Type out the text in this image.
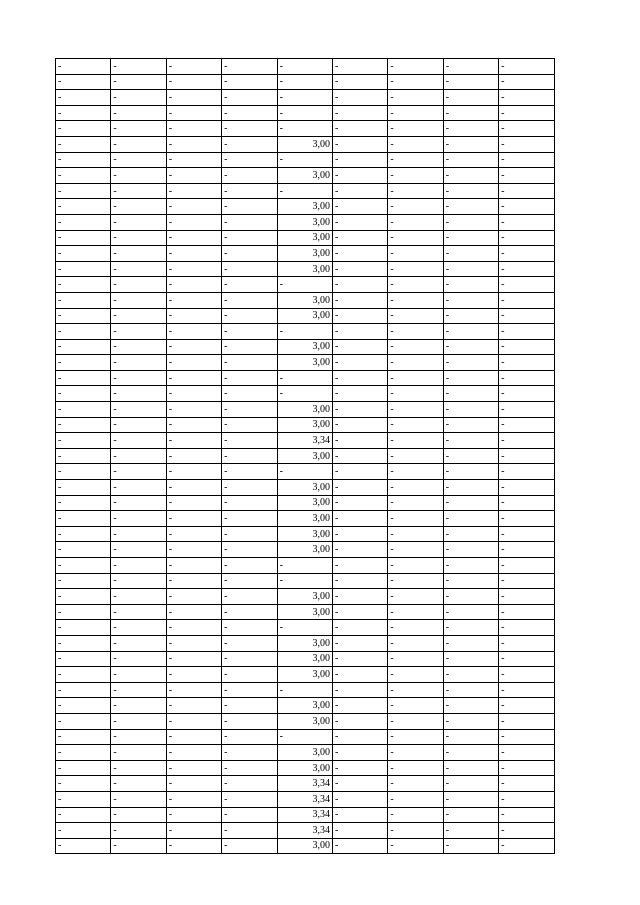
-	-	-	-	-	-	-	-	-
-	-	-	-	-	-	-	-	-
-	-	-	-	-	-	-	-	-
-	-	-	-	-	-	-	-	-
-	-	-	-	-	-	-	-	-
-	-	-	-	3,00	-	-	-	-
-	-	-	-	-	-	-	-	-
-	-	-	-	3,00	-	-	-	-
-	-	-	-	-	-	-	-	-
-	-	-	-	3,00	-	-	-	-
-	-	-	-	3,00	-	-	-	-
-	-	-	-	3,00	-	-	-	-
-	-	-	-	3,00	-	-	-	-
-	-	-	-	3,00	-	-	-	-
-	-	-	-	-	-	-	-	-
-	-	-	-	3,00	-	-	-	-
-	-	-	-	3,00	-	-	-	-
-	-	-	-	-	-	-	-	-
-	-	-	-	3,00	-	-	-	-
-	-	-	-	3,00	-	-	-	-
-	-	-	-	-	-	-	-	-
-	-	-	-	-	-	-	-	-
-	-	-	-	3,00	-	-	-	-
-	-	-	-	3,00	-	-	-	-
-	-	-	-	3,34	-	-	-	-
-	-	-	-	3,00	-	-	-	-
-	-	-	-	-	-	-	-	-
-	-	-	-	3,00	-	-	-	-
-	-	-	-	3,00	-	-	-	-
-	-	-	-	3,00	-	-	-	-
-	-	-	-	3,00	-	-	-	-
-	-	-	-	3,00	-	-	-	-
-	-	-	-	-	-	-	-	-
-	-	-	-	-	-	-	-	-
-	-	-	-	3,00	-	-	-	-
-	-	-	-	3,00	-	-	-	-
-	-	-	-	-	-	-	-	-
-	-	-	-	3,00	-	-	-	-
-	-	-	-	3,00	-	-	-	-
-	-	-	-	3,00	-	-	-	-
-	-	-	-	-	-	-	-	-
-	-	-	-	3,00	-	-	-	-
-	-	-	-	3,00	-	-	-	-
-	-	-	-	-	-	-	-	-
-	-	-	-	3,00	-	-	-	-
-	-	-	-	3,00	-	-	-	-
-	-	-	-	3,34	-	-	-	-
-	-	-	-	3,34	-	-	-	-
-	-	-	-	3,34	-	-	-	-
-	-	-	-	3,34	-	-	-	-
-	-	-	-	3,00	-	-	-	-
